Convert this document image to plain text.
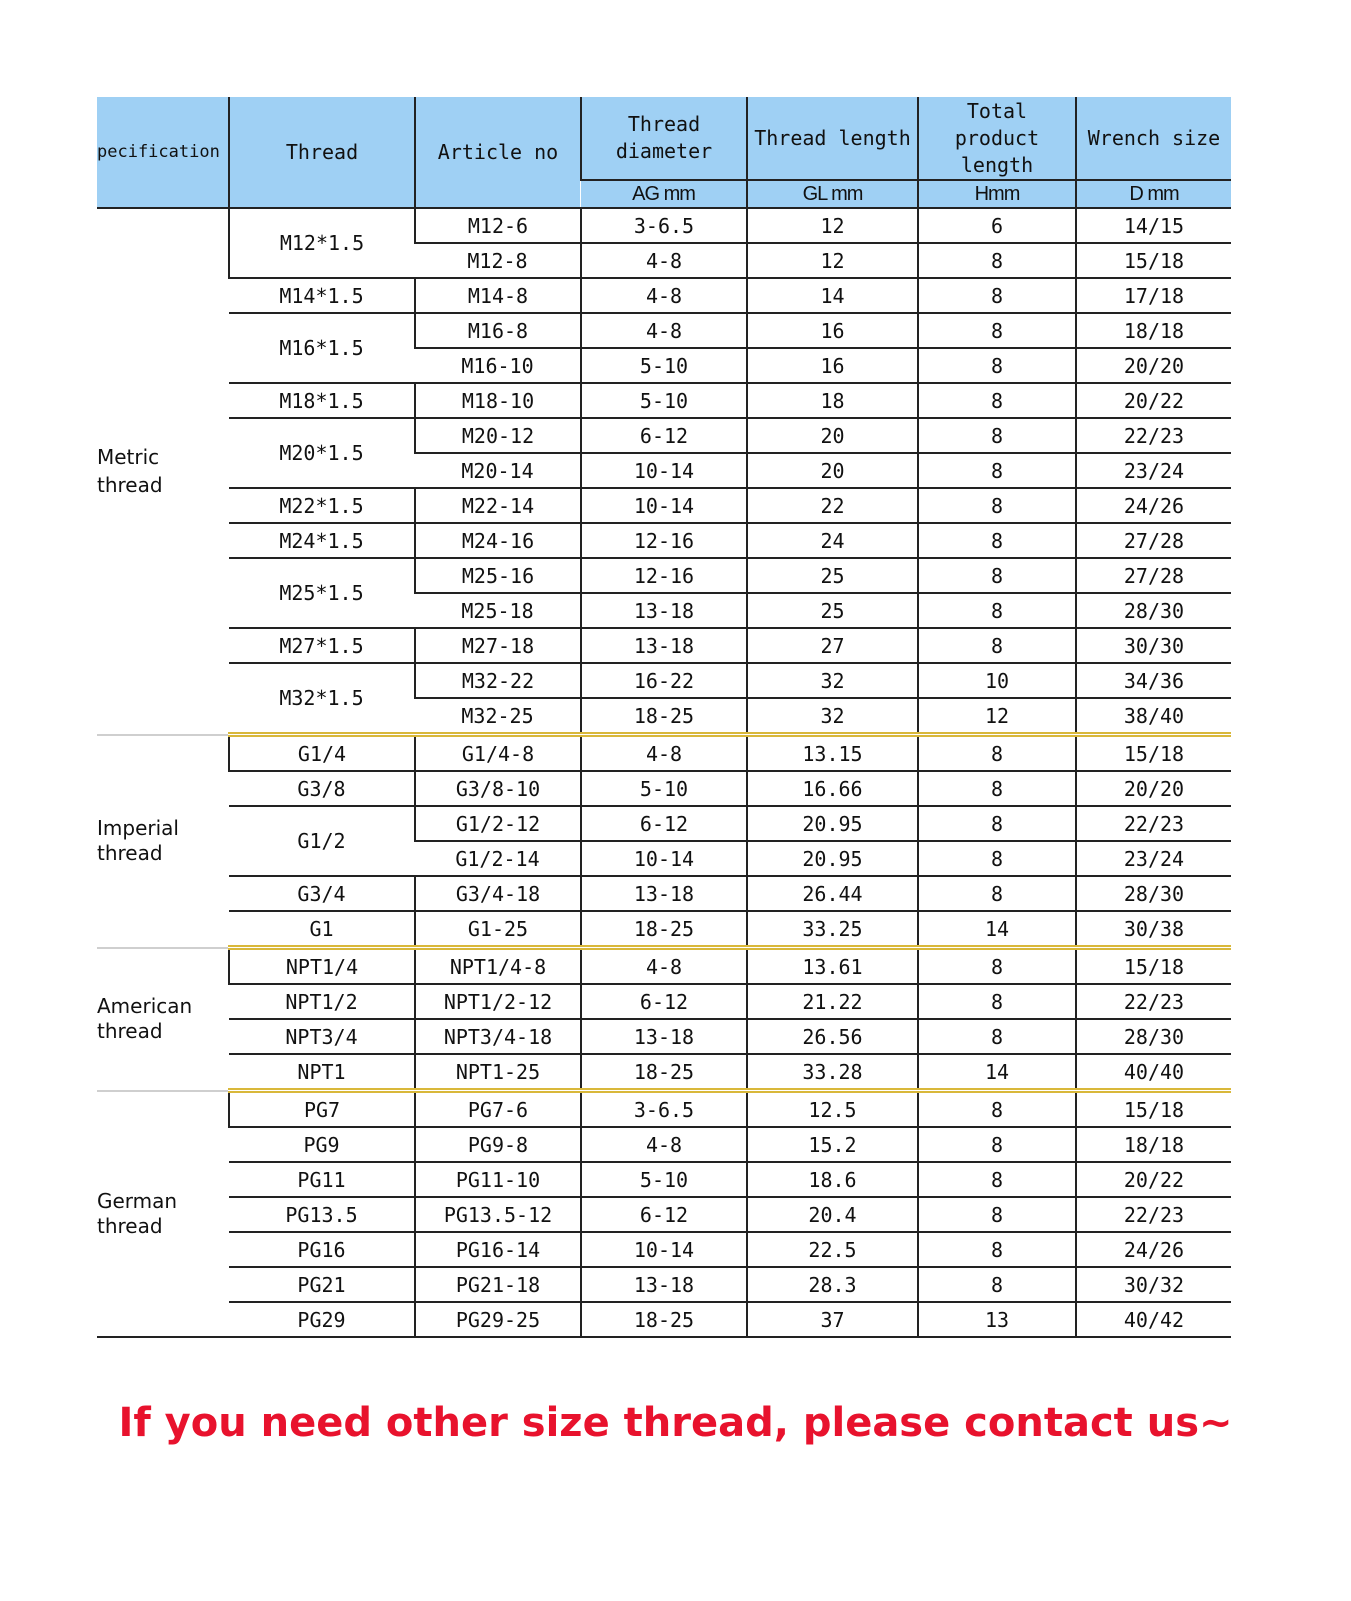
pecification	Thread	Article no	Thread diameter	Thread length	Total product length	Wrench size
			AG mm	GL mm	Hmm	D mm
Metric thread	M12*1.5	M12-6	3-6.5	12	6	14/15
		M12-8	4-8	12	8	15/18
	M14*1.5	M14-8	4-8	14	8	17/18
	M16*1.5	M16-8	4-8	16	8	18/18
		M16-10	5-10	16	8	20/20
	M18*1.5	M18-10	5-10	18	8	20/22
	M20*1.5	M20-12	6-12	20	8	22/23
		M20-14	10-14	20	8	23/24
	M22*1.5	M22-14	10-14	22	8	24/26
	M24*1.5	M24-16	12-16	24	8	27/28
	M25*1.5	M25-16	12-16	25	8	27/28
		M25-18	13-18	25	8	28/30
	M27*1.5	M27-18	13-18	27	8	30/30
	M32*1.5	M32-22	16-22	32	10	34/36
		M32-25	18-25	32	12	38/40
Imperial thread	G1/4	G1/4-8	4-8	13.15	8	15/18
	G3/8	G3/8-10	5-10	16.66	8	20/20
	G1/2	G1/2-12	6-12	20.95	8	22/23
		G1/2-14	10-14	20.95	8	23/24
	G3/4	G3/4-18	13-18	26.44	8	28/30
	G1	G1-25	18-25	33.25	14	30/38
American thread	NPT1/4	NPT1/4-8	4-8	13.61	8	15/18
	NPT1/2	NPT1/2-12	6-12	21.22	8	22/23
	NPT3/4	NPT3/4-18	13-18	26.56	8	28/30
	NPT1	NPT1-25	18-25	33.28	14	40/40
German thread	PG7	PG7-6	3-6.5	12.5	8	15/18
	PG9	PG9-8	4-8	15.2	8	18/18
	PG11	PG11-10	5-10	18.6	8	20/22
	PG13.5	PG13.5-12	6-12	20.4	8	22/23
	PG16	PG16-14	10-14	22.5	8	24/26
	PG21	PG21-18	13-18	28.3	8	30/32
	PG29	PG29-25	18-25	37	13	40/42
If you need other size thread, please contact us~
